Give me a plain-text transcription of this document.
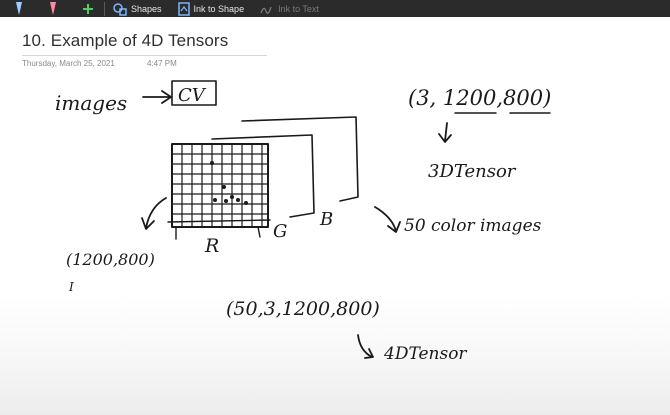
Shapes	Ink to Shape	Ink to Text
10. Example of 4D Tensors
Thursday, March 25, 2021	4:47 PM
images	CV	(3, 1200,800)
3DTensor
R
G
B	50 color images
(1200,800)
I
(50,3,1200,800)
4DTensor
